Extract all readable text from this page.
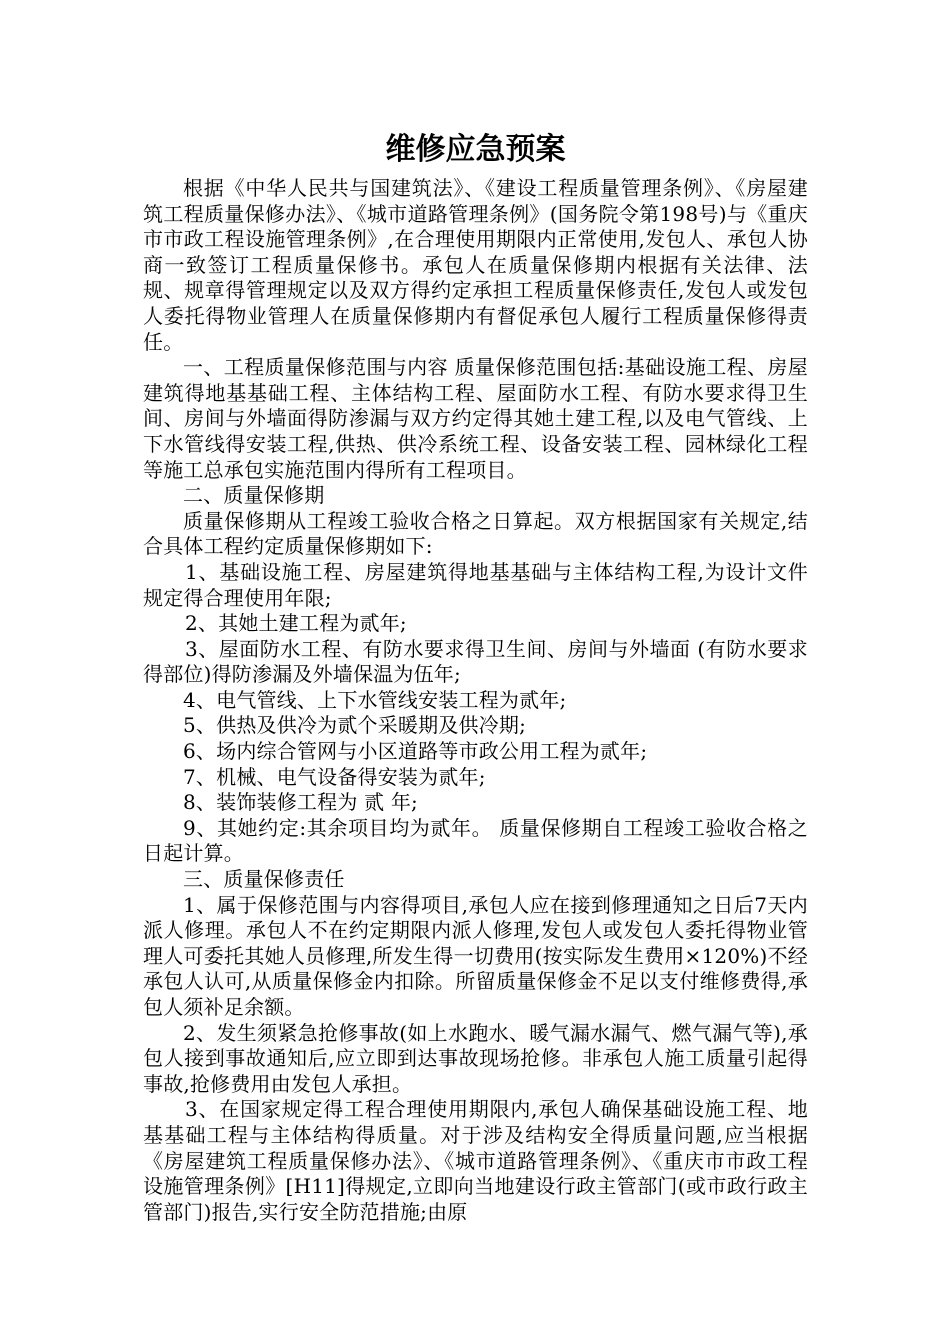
维修应急预案

根据《中华人民共与国建筑法》、《建设工程质量管理条例》、《房屋建筑工程质量保修办法》、《城市道路管理条例》(国务院令第198号)与《重庆市市政工程设施管理条例》,在合理使用期限内正常使用,发包人、承包人协商一致签订工程质量保修书。承包人在质量保修期内根据有关法律、法规、规章得管理规定以及双方得约定承担工程质量保修责任,发包人或发包人委托得物业管理人在质量保修期内有督促承包人履行工程质量保修得责任。

一、工程质量保修范围与内容 质量保修范围包括:基础设施工程、房屋建筑得地基基础工程、主体结构工程、屋面防水工程、有防水要求得卫生间、房间与外墙面得防渗漏与双方约定得其她土建工程,以及电气管线、上下水管线得安装工程,供热、供冷系统工程、设备安装工程、园林绿化工程等施工总承包实施范围内得所有工程项目。

二、质量保修期

质量保修期从工程竣工验收合格之日算起。双方根据国家有关规定,结合具体工程约定质量保修期如下:

1、基础设施工程、房屋建筑得地基基础与主体结构工程,为设计文件规定得合理使用年限;

2、其她土建工程为贰年;

3、屋面防水工程、有防水要求得卫生间、房间与外墙面 (有防水要求得部位)得防渗漏及外墙保温为伍年;

4、电气管线、上下水管线安装工程为贰年;

5、供热及供冷为贰个采暖期及供冷期;

6、场内综合管网与小区道路等市政公用工程为贰年;

7、机械、电气设备得安装为贰年;

8、装饰装修工程为 贰 年;

9、其她约定:其余项目均为贰年。 质量保修期自工程竣工验收合格之日起计算。

三、质量保修责任

1、属于保修范围与内容得项目,承包人应在接到修理通知之日后7天内派人修理。承包人不在约定期限内派人修理,发包人或发包人委托得物业管理人可委托其她人员修理,所发生得一切费用(按实际发生费用×120%)不经承包人认可,从质量保修金内扣除。所留质量保修金不足以支付维修费得,承包人须补足余额。

2、发生须紧急抢修事故(如上水跑水、暖气漏水漏气、燃气漏气等),承包人接到事故通知后,应立即到达事故现场抢修。非承包人施工质量引起得事故,抢修费用由发包人承担。

3、在国家规定得工程合理使用期限内,承包人确保基础设施工程、地基基础工程与主体结构得质量。对于涉及结构安全得质量问题,应当根据《房屋建筑工程质量保修办法》、《城市道路管理条例》、《重庆市市政工程设施管理条例》[H11]得规定,立即向当地建设行政主管部门(或市政行政主管部门)报告,实行安全防范措施;由原
